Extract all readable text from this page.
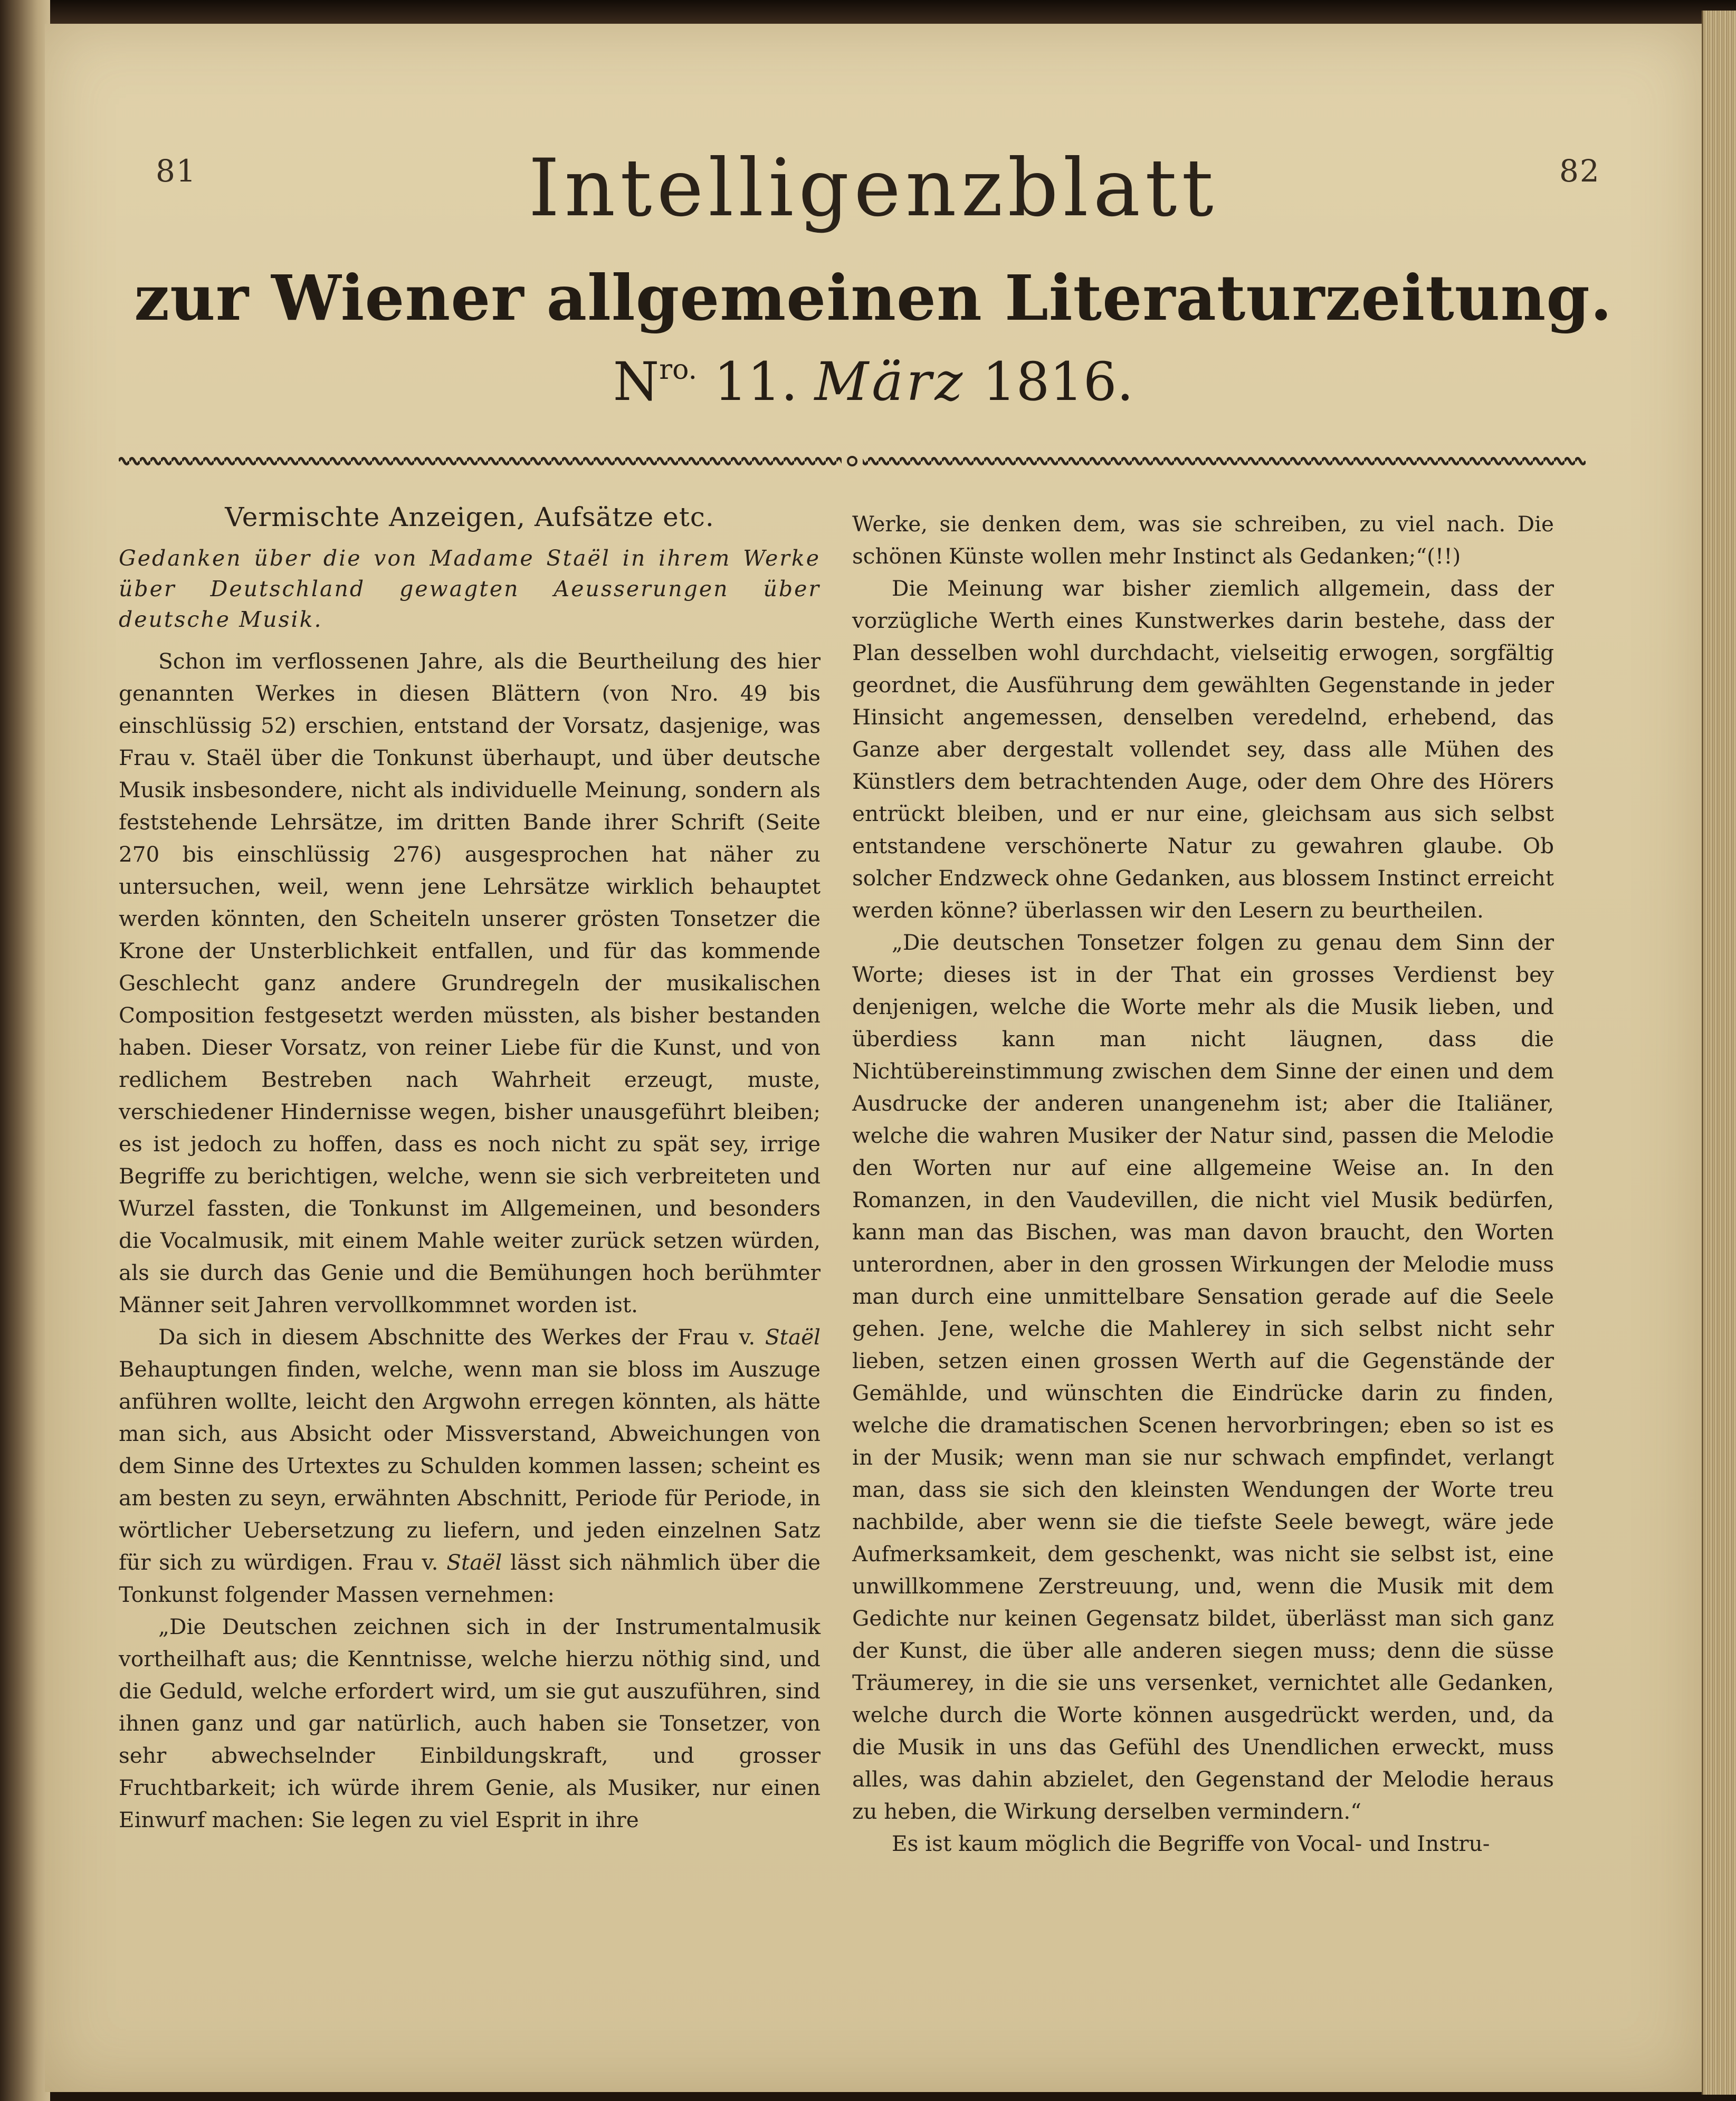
81	82
Intelligenzblatt
zur Wiener allgemeinen Literaturzeitung.
$N^{ro.}$ 11. März 1816.
Vermischte Anzeigen, Aufsätze etc.
Gedanken über die von Madame Staël in ihrem Werke über Deutschland gewagten Aeusserungen über deutsche Musik.

Schon im verflossenen Jahre, als die Beurtheilung des hier genannten Werkes in diesen Blättern (von Nro. 49 bis einschlüssig 52) erschien, entstand der Vorsatz, dasjenige, was Frau v. Staël über die Tonkunst überhaupt, und über deutsche Musik insbesondere, nicht als individuelle Meinung, sondern als feststehende Lehrsätze, im dritten Bande ihrer Schrift (Seite 270 bis einschlüssig 276) ausgesprochen hat näher zu untersuchen, weil, wenn jene Lehrsätze wirklich behauptet werden könnten, den Scheiteln unserer grösten Tonsetzer die Krone der Unsterblichkeit entfallen, und für das kommende Geschlecht ganz andere Grundregeln der musikalischen Composition festgesetzt werden müssten, als bisher bestanden haben. Dieser Vorsatz, von reiner Liebe für die Kunst, und von redlichem Bestreben nach Wahrheit erzeugt, muste, verschiedener Hindernisse wegen, bisher unausgeführt bleiben; es ist jedoch zu hoffen, dass es noch nicht zu spät sey, irrige Begriffe zu berichtigen, welche, wenn sie sich verbreiteten und Wurzel fassten, die Tonkunst im Allgemeinen, und besonders die Vocalmusik, mit einem Mahle weiter zurück setzen würden, als sie durch das Genie und die Bemühungen hoch berühmter Männer seit Jahren vervollkommnet worden ist.

Da sich in diesem Abschnitte des Werkes der Frau v. Staël Behauptungen finden, welche, wenn man sie bloss im Auszuge anführen wollte, leicht den Argwohn erregen könnten, als hätte man sich, aus Absicht oder Missverstand, Abweichungen von dem Sinne des Urtextes zu Schulden kommen lassen; scheint es am besten zu seyn, erwähnten Abschnitt, Periode für Periode, in wörtlicher Uebersetzung zu liefern, und jeden einzelnen Satz für sich zu würdigen. Frau v. Staël lässt sich nähmlich über die Tonkunst folgender Massen vernehmen:

„Die Deutschen zeichnen sich in der Instrumentalmusik vortheilhaft aus; die Kenntnisse, welche hierzu nöthig sind, und die Geduld, welche erfordert wird, um sie gut auszuführen, sind ihnen ganz und gar natürlich, auch haben sie Tonsetzer, von sehr abwechselnder Einbildungskraft, und grosser Fruchtbarkeit; ich würde ihrem Genie, als Musiker, nur einen Einwurf machen: Sie legen zu viel Esprit in ihre

Werke, sie denken dem, was sie schreiben, zu viel nach. Die schönen Künste wollen mehr Instinct als Gedanken;“(!!)

Die Meinung war bisher ziemlich allgemein, dass der vorzügliche Werth eines Kunstwerkes darin bestehe, dass der Plan desselben wohl durchdacht, vielseitig erwogen, sorgfältig geordnet, die Ausführung dem gewählten Gegenstande in jeder Hinsicht angemessen, denselben veredelnd, erhebend, das Ganze aber dergestalt vollendet sey, dass alle Mühen des Künstlers dem betrachtenden Auge, oder dem Ohre des Hörers entrückt bleiben, und er nur eine, gleichsam aus sich selbst entstandene verschönerte Natur zu gewahren glaube. Ob solcher Endzweck ohne Gedanken, aus blossem Instinct erreicht werden könne? überlassen wir den Lesern zu beurtheilen.

„Die deutschen Tonsetzer folgen zu genau dem Sinn der Worte; dieses ist in der That ein grosses Verdienst bey denjenigen, welche die Worte mehr als die Musik lieben, und überdiess kann man nicht läugnen, dass die Nichtübereinstimmung zwischen dem Sinne der einen und dem Ausdrucke der anderen unangenehm ist; aber die Italiäner, welche die wahren Musiker der Natur sind, passen die Melodie den Worten nur auf eine allgemeine Weise an. In den Romanzen, in den Vaudevillen, die nicht viel Musik bedürfen, kann man das Bischen, was man davon braucht, den Worten unterordnen, aber in den grossen Wirkungen der Melodie muss man durch eine unmittelbare Sensation gerade auf die Seele gehen. Jene, welche die Mahlerey in sich selbst nicht sehr lieben, setzen einen grossen Werth auf die Gegenstände der Gemählde, und wünschten die Eindrücke darin zu finden, welche die dramatischen Scenen hervorbringen; eben so ist es in der Musik; wenn man sie nur schwach empfindet, verlangt man, dass sie sich den kleinsten Wendungen der Worte treu nachbilde, aber wenn sie die tiefste Seele bewegt, wäre jede Aufmerksamkeit, dem geschenkt, was nicht sie selbst ist, eine unwillkommene Zerstreuung, und, wenn die Musik mit dem Gedichte nur keinen Gegensatz bildet, überlässt man sich ganz der Kunst, die über alle anderen siegen muss; denn die süsse Träumerey, in die sie uns versenket, vernichtet alle Gedanken, welche durch die Worte können ausgedrückt werden, und, da die Musik in uns das Gefühl des Unendlichen erweckt, muss alles, was dahin abzielet, den Gegenstand der Melodie heraus zu heben, die Wirkung derselben vermindern.“

Es ist kaum möglich die Begriffe von Vocal- und Instru-
